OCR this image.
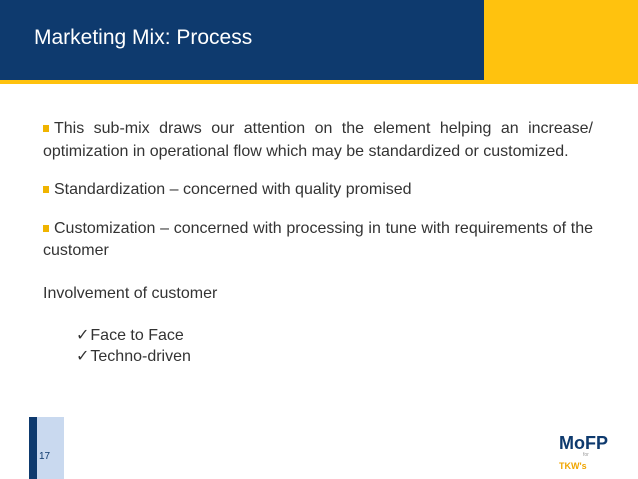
Marketing Mix: Process

This sub-mix draws our attention on the element helping an increase/ optimization in operational flow which may be standardized or customized.

Standardization – concerned with quality promised

Customization – concerned with processing in tune with requirements of the customer

Involvement of customer

✓Face to Face
✓Techno-driven
17
MoFP
for
TKW's
